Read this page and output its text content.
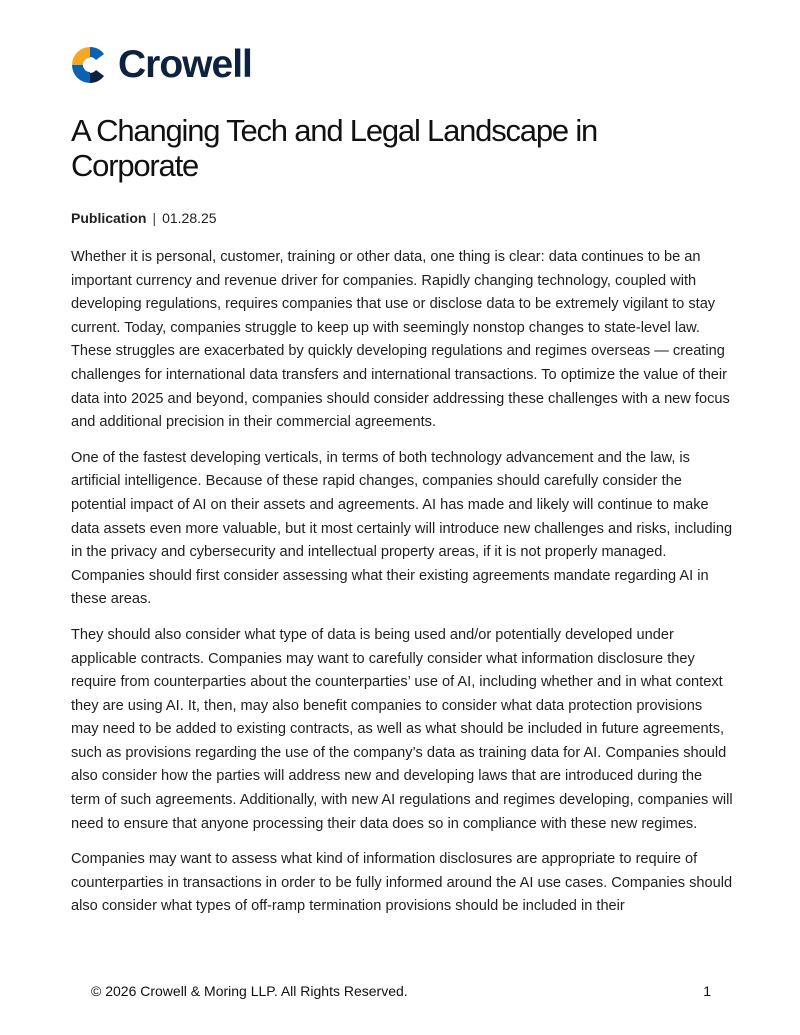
Crowell
A Changing Tech and Legal Landscape in Corporate
Publication | 01.28.25

Whether it is personal, customer, training or other data, one thing is clear: data continues to be an important currency and revenue driver for companies. Rapidly changing technology, coupled with developing regulations, requires companies that use or disclose data to be extremely vigilant to stay current. Today, companies struggle to keep up with seemingly nonstop changes to state-level law. These struggles are exacerbated by quickly developing regulations and regimes overseas — creating challenges for international data transfers and international transactions. To optimize the value of their data into 2025 and beyond, companies should consider addressing these challenges with a new focus and additional precision in their commercial agreements.

One of the fastest developing verticals, in terms of both technology advancement and the law, is artificial intelligence. Because of these rapid changes, companies should carefully consider the potential impact of AI on their assets and agreements. AI has made and likely will continue to make data assets even more valuable, but it most certainly will introduce new challenges and risks, including in the privacy and cybersecurity and intellectual property areas, if it is not properly managed. Companies should first consider assessing what their existing agreements mandate regarding AI in these areas.

They should also consider what type of data is being used and/or potentially developed under applicable contracts. Companies may want to carefully consider what information disclosure they require from counterparties about the counterparties’ use of AI, including whether and in what context they are using AI. It, then, may also benefit companies to consider what data protection provisions may need to be added to existing contracts, as well as what should be included in future agreements, such as provisions regarding the use of the company’s data as training data for AI. Companies should also consider how the parties will address new and developing laws that are introduced during the term of such agreements. Additionally, with new AI regulations and regimes developing, companies will need to ensure that anyone processing their data does so in compliance with these new regimes.

Companies may want to assess what kind of information disclosures are appropriate to require of counterparties in transactions in order to be fully informed around the AI use cases. Companies should also consider what types of off-ramp termination provisions should be included in their

© 2026 Crowell & Moring LLP. All Rights Reserved.	1
